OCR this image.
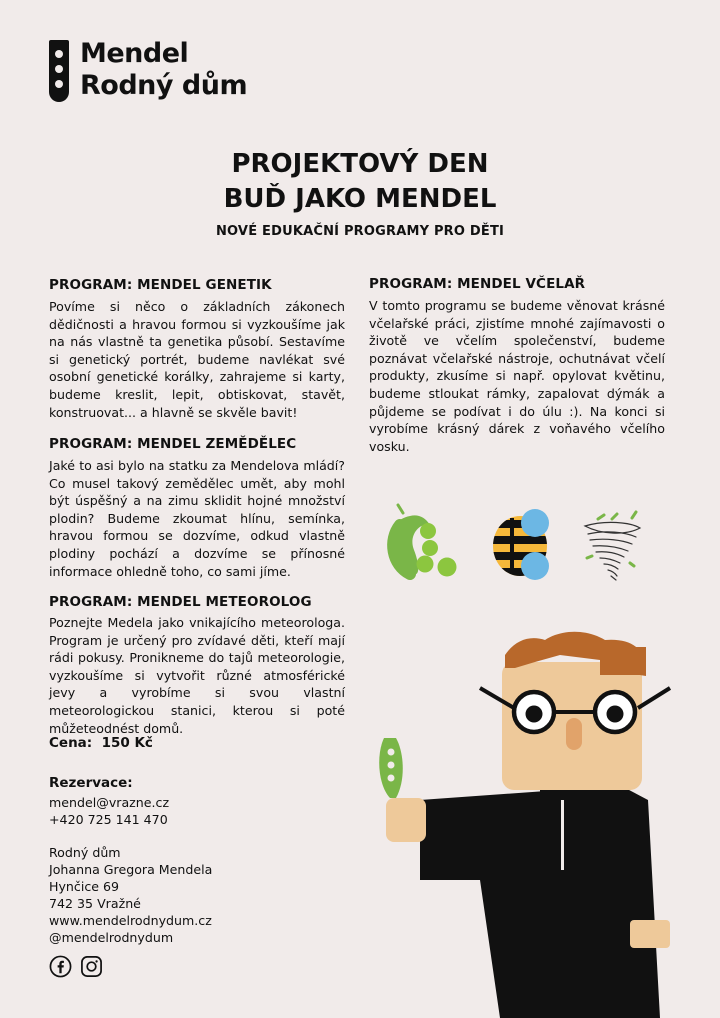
Mendel
Rodný dům
PROJEKTOVÝ DEN
BUĎ JAKO MENDEL
NOVÉ EDUKAČNÍ PROGRAMY PRO DĚTI
PROGRAM: MENDEL GENETIK
Povíme si něco o základních zákonech dědičnosti a hravou formou si vyzkoušíme jak na nás vlastně ta genetika působí. Sestavíme si genetický portrét, budeme navlékat své osobní genetické korálky, zahrajeme si karty, budeme kreslit, lepit, obtiskovat, stavět, konstruovat... a hlavně se skvěle bavit!
PROGRAM: MENDEL ZEMĚDĚLEC
Jaké to asi bylo na statku za Mendelova mládí? Co musel takový zemědělec umět, aby mohl být úspěšný a na zimu sklidit hojné množství plodin? Budeme zkoumat hlínu, semínka, hravou formou se dozvíme, odkud vlastně plodiny pochází a dozvíme se přínosné informace ohledně toho, co sami jíme.
PROGRAM: MENDEL METEOROLOG
Poznejte Medela jako vnikajícího meteorologa. Program je určený pro zvídavé děti, kteří mají rádi pokusy. Pronikneme do tajů meteorologie, vyzkoušíme si vytvořit různé atmosférické jevy a vyrobíme si svou vlastní meteorologickou stanici, kterou si poté můžeteodnést domů.
Cena: 150 Kč
Rezervace:
mendel@vrazne.cz
+420 725 141 470
Rodný dům
Johanna Gregora Mendela
Hynčice 69
742 35 Vražné
www.mendelrodnydum.cz
@mendelrodnydum
PROGRAM: MENDEL VČELAŘ
V tomto programu se budeme věnovat krásné včelařské práci, zjistíme mnohé zajímavosti o životě ve včelím společenství, budeme poznávat včelařské nástroje, ochutnávat včelí produkty, zkusíme si např. opylovat květinu, budeme stloukat rámky, zapalovat dýmák a půjdeme se podívat i do úlu :). Na konci si vyrobíme krásný dárek z voňavého včelího vosku.
